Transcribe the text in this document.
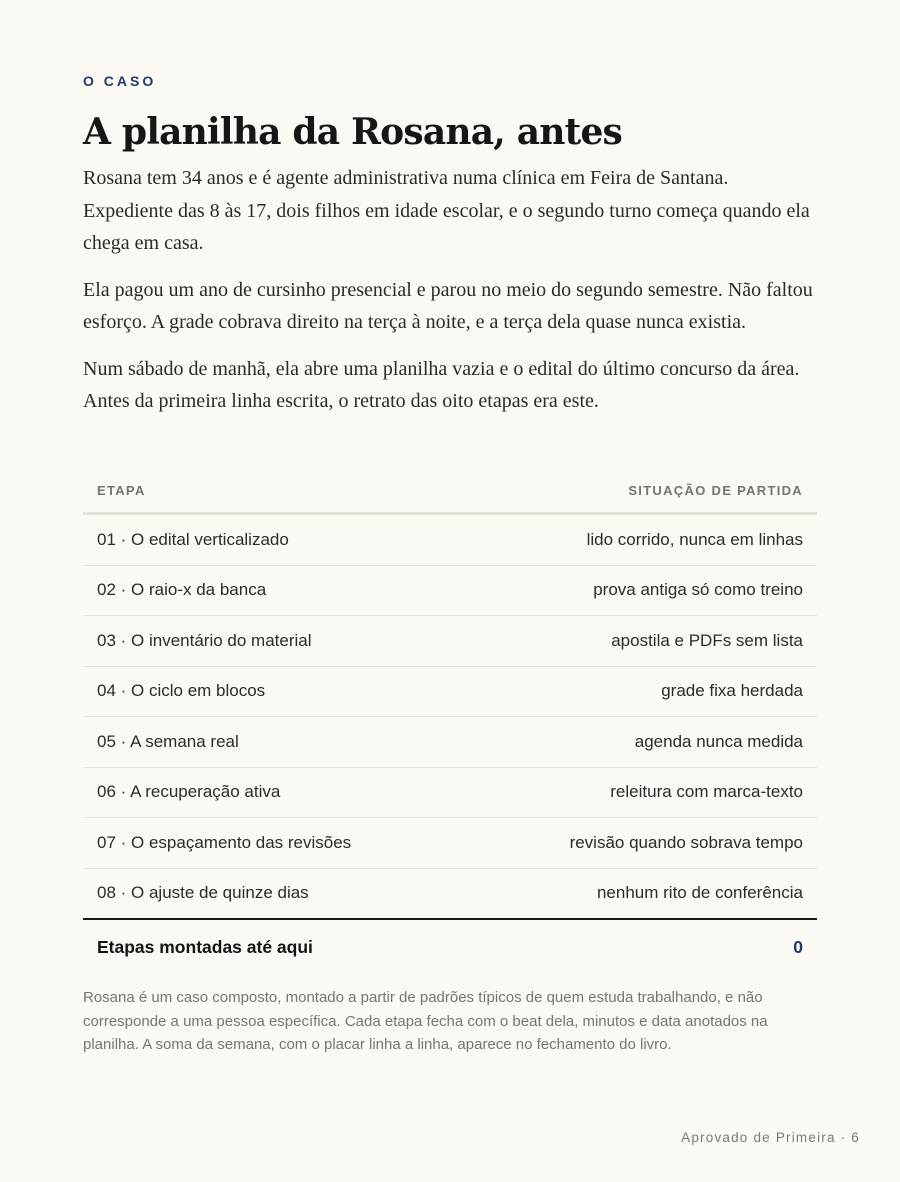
O CASO
A planilha da Rosana, antes

Rosana tem 34 anos e é agente administrativa numa clínica em Feira de Santana. Expediente das 8 às 17, dois filhos em idade escolar, e o segundo turno começa quando ela chega em casa.

Ela pagou um ano de cursinho presencial e parou no meio do segundo semestre. Não faltou esforço. A grade cobrava direito na terça à noite, e a terça dela quase nunca existia.

Num sábado de manhã, ela abre uma planilha vazia e o edital do último concurso da área. Antes da primeira linha escrita, o retrato das oito etapas era este.

ETAPA	SITUAÇÃO DE PARTIDA
01 · O edital verticalizado	lido corrido, nunca em linhas
02 · O raio-x da banca	prova antiga só como treino
03 · O inventário do material	apostila e PDFs sem lista
04 · O ciclo em blocos	grade fixa herdada
05 · A semana real	agenda nunca medida
06 · A recuperação ativa	releitura com marca-texto
07 · O espaçamento das revisões	revisão quando sobrava tempo
08 · O ajuste de quinze dias	nenhum rito de conferência
Etapas montadas até aqui	0
Rosana é um caso composto, montado a partir de padrões típicos de quem estuda trabalhando, e não corresponde a uma pessoa específica. Cada etapa fecha com o beat dela, minutos e data anotados na planilha. A soma da semana, com o placar linha a linha, aparece no fechamento do livro.
Aprovado de Primeira · 6
